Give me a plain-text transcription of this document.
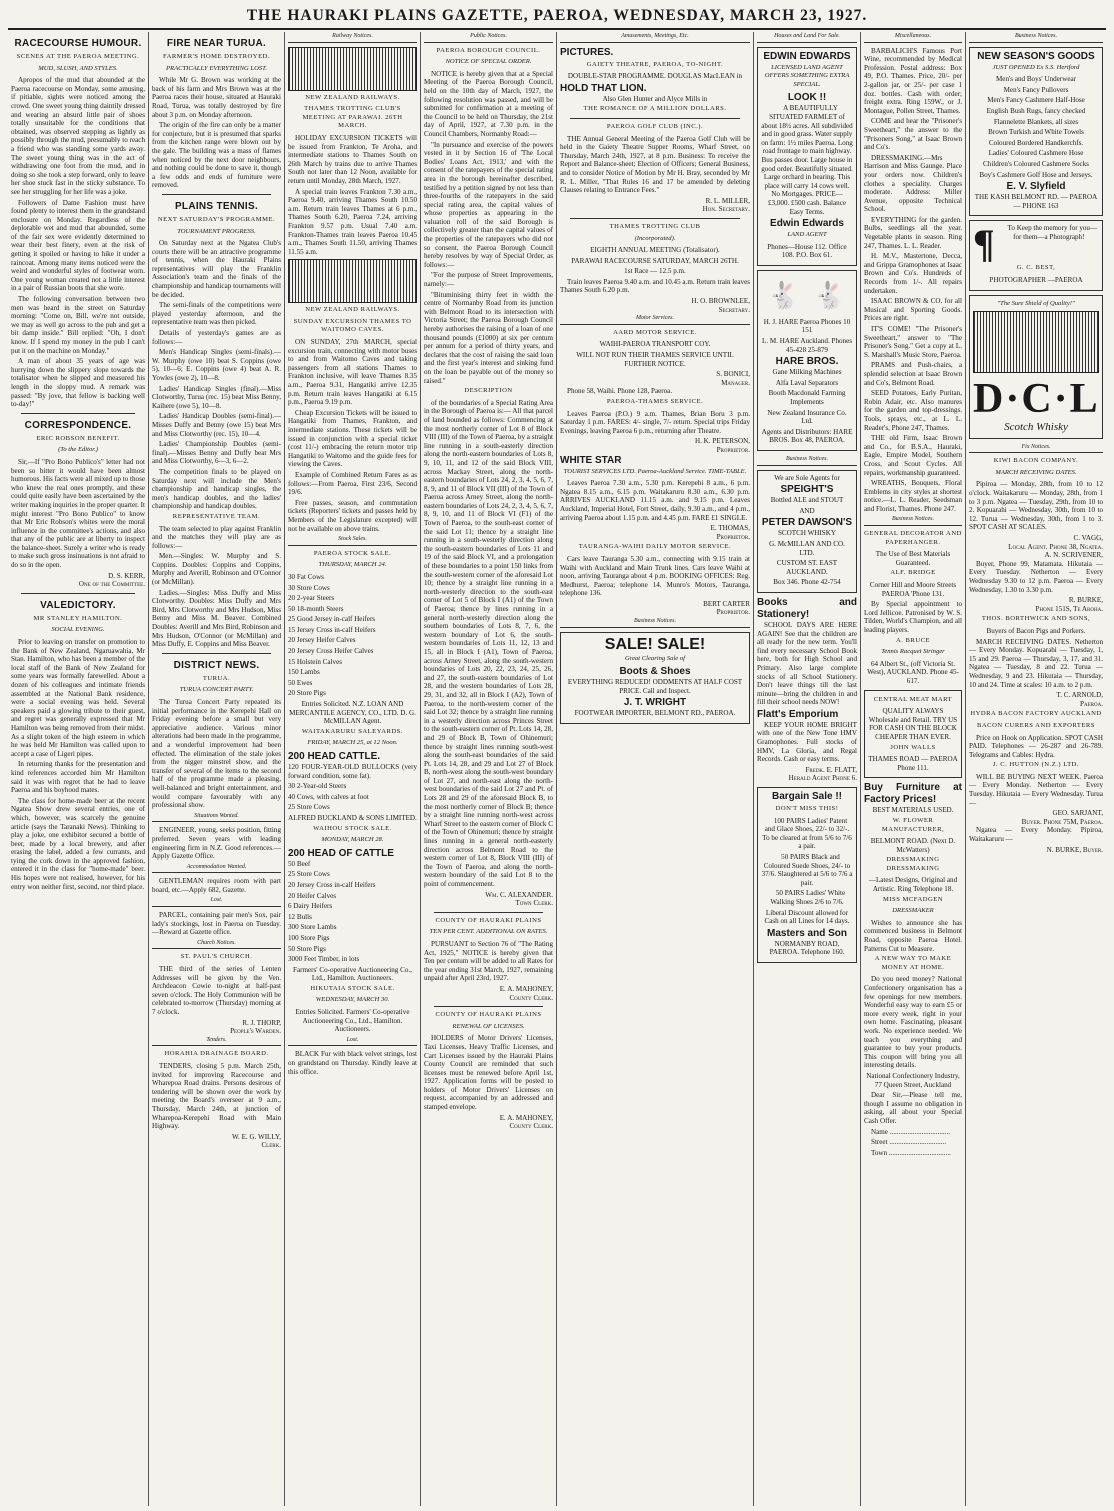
THE HAURAKI PLAINS GAZETTE, PAEROA, WEDNESDAY, MARCH 23, 1927.
RACECOURSE HUMOUR.
SCENES AT THE PAEROA MEETING.
MUD, SLUSH, AND STYLES.

Apropos of the mud that abounded at the Paeroa racecourse on Monday, some amusing, if pitiable, sights were noticed among the crowd. One sweet young thing daintily dressed and wearing an absurd little pair of shoes totally unsuitable for the conditions that obtained, was observed stepping as lightly as possibly through the mud, presumably to reach a friend who was standing some yards away. The sweet young thing was in the act of withdrawing one foot from the mud, and in doing so she took a step forward, only to leave her shoe stuck fast in the sticky substance. To see her struggling for her life was a joke.

Followers of Dame Fashion must have found plenty to interest them in the grandstand enclosure on Monday. Regardless of the deplorable wet and mud that abounded, some of the fair sex were evidently determined to wear their best finery, even at the risk of getting it spoiled or having to hike it under a raincoat. Among many items noticed were the weird and wonderful styles of footwear worn. One young woman created not a little interest in a pair of Russian boots that she wore.

The following conversation between two men was heard in the street on Saturday morning: "Come on, Bill, we're not outside, we may as well go across to the pub and get a bit damp inside." Bill replied: "Oh, I don't know. If I spend my money in the pub I can't put it on the machine on Monday."

A man of about 35 years of age was hurrying down the slippery slope towards the totalisator when he slipped and measured his length in the sloppy mud. A remark was passed: "By jove, that fellow is backing well to-day!"

CORRESPONDENCE.
ERIC ROBSON BENEFIT.
(To the Editor.)

Sir,—If "Pro Bono Publico's" letter had not been so bitter it would have been almost humorous. His facts were all mixed up to those who knew the real ones promptly, and these could quite easily have been ascertained by the writer making inquiries in the proper quarter. It might interest "Pro Bono Publico" to know that Mr Eric Robson's whites were the moral influence in the committee's actions, and also that any of the public are at liberty to inspect the balance-sheet. Surely a writer who is ready to make such gross insinuations is not afraid to do so in the open.

D. S. KERR,
One of the Committee.
VALEDICTORY.
MR STANLEY HAMILTON.
SOCIAL EVENING.

Prior to leaving on transfer on promotion to the Bank of New Zealand, Ngaruawahia, Mr Stan. Hamilton, who has been a member of the local staff of the Bank of New Zealand for some years was formally farewelled. About a dozen of his colleagues and intimate friends assembled at the National Bank residence, were a social evening was held. Several speakers paid a glowing tribute to their guest, and regret was generally expressed that Mr Hamilton was being removed from their midst. As a slight token of the high esteem in which he was held Mr Hamilton was called upon to accept a case of Ligeri pipes.

In returning thanks for the presentation and kind references accorded him Mr Hamilton said it was with regret that he had to leave Paeroa and his boyhood mates.

The class for home-made beer at the recent Ngatea Show drew several entries, one of which, however, was scarcely the genuine article (says the Taranaki News). Thinking to play a joke, one exhibitor secured a bottle of beer, made by a local brewery, and after erasing the label, added a few currants, and tying the cork down in the approved fashion, entered it in the class for "home-made" beer. His hopes were not realised, however, for his entry won neither first, second, nor third place.

FIRE NEAR TURUA.
FARMER'S HOME DESTROYED.
PRACTICALLY EVERYTHING LOST.

While Mr G. Brown was working at the back of his farm and Mrs Brown was at the Paeroa races their house, situated at Hauraki Road, Turua, was totally destroyed by fire about 3 p.m. on Monday afternoon.

The origin of the fire can only be a matter for conjecture, but it is presumed that sparks from the kitchen range were blown out by the gale. The building was a mass of flames when noticed by the next door neighbours, and nothing could be done to save it, though a few odds and ends of furniture were removed.

PLAINS TENNIS.
NEXT SATURDAY'S PROGRAMME.
TOURNAMENT PROGRESS.

On Saturday next at the Ngatea Club's courts there will be an attractive programme of tennis, when the Hauraki Plains representatives will play the Franklin Association's team and the finals of the championship and handicap tournaments will be decided.

The semi-finals of the competitions were played yesterday afternoon, and the representative team was then picked.

Details of yesterday's games are as follows:—

Men's Handicap Singles (semi-finals).—W. Murphy (owe 10) beat S. Coppins (owe 5), 10—6; E. Coppins (owe 4) beat A. R. Yowles (owe 2), 10—8.

Ladies' Handicap Singles (final).—Miss Clotworthy, Turua (rec. 15) beat Miss Benny, Kaihere (owe 5), 10—8.

Ladies' Handicap Doubles (semi-final).—Misses Duffy and Benny (owe 15) beat Mrs and Miss Clotworthy (rec. 15), 10—4.

Ladies' Championship Doubles (semi-final).—Misses Benny and Duffy beat Mrs and Miss Clotworthy, 6—3, 6—2.

The competition finals to be played on Saturday next will include the Men's championship and handicap singles, the men's handicap doubles, and the ladies' championship and handicap doubles.

REPRESENTATIVE TEAM.

The team selected to play against Franklin and the matches they will play are as follows:—

Men.—Singles: W. Murphy and S. Coppins. Doubles: Coppins and Coppins, Murphy and Averill, Robinson and O'Connor (or McMillan).

Ladies.—Singles: Miss Duffy and Miss Clotworthy. Doubles: Miss Duffy and Mrs Bird, Mrs Clotworthy and Mrs Hudson, Miss Benny and Miss M. Beaver. Combined Doubles: Averill and Mrs Bird, Robinson and Mrs Hudson, O'Connor (or McMillan) and Miss Duffy, E. Coppins and Miss Beaver.

DISTRICT NEWS.
TURUA.
TURUA CONCERT PARTY.

The Turua Concert Party repeated its initial performance in the Kerepehi Hall on Friday evening before a small but very appreciative audience. Various minor alterations had been made in the programme, and a wonderful improvement had been effected. The elimination of the stale jokes from the nigger minstrel show, and the transfer of several of the items to the second half of the programme made a pleasing, well-balanced and bright entertainment, and would compare favourably with any professional show.

Situations Wanted.

ENGINEER, young, seeks position, fitting preferred. Seven years with leading engineering firm in N.Z. Good references.—Apply Gazette Office.

Accommodation Wanted.

GENTLEMAN requires room with part board, etc.—Apply 682, Gazette.

Lost.

PARCEL, containing pair men's Sox, pair lady's stockings, lost in Paeroa on Tuesday.—Reward at Gazette office.

Church Notices.
ST. PAUL'S CHURCH.

THE third of the series of Lenten Addresses will be given by the Ven. Archdeacon Cowie to-night at half-past seven o'clock. The Holy Communion will be celebrated to-morrow (Thursday) morning at 7 o'clock.

R. J. THORP,
People's Warden.
Tenders.
HORAHIA DRAINAGE BOARD.

TENDERS, closing 5 p.m. March 25th, invited for improving Racecourse and Wharepoa Road drains. Persons desirous of tendering will be shown over the work by meeting the Board's overseer at 9 a.m., Thursday, March 24th, at junction of Wharepoa-Kerepehi Road with Main Highway.

W. E. G. WILLY,
Clerk.
Railway Notices.
NEW ZEALAND RAILWAYS.
THAMES TROTTING CLUB'S MEETING AT PARAWAI. 26TH MARCH.

HOLIDAY EXCURSION TICKETS will be issued from Frankton, Te Aroha, and intermediate stations to Thames South on 26th March by trains due to arrive Thames South not later than 12 Noon, available for return until Monday, 28th March, 1927.

A special train leaves Frankton 7.30 a.m., Paeroa 9.40, arriving Thames South 10.50 a.m. Return train leaves Thames at 6 p.m., Thames South 6.20, Paeroa 7.24, arriving Frankton 9.57 p.m. Usual 7.40 a.m. Frankton-Thames train leaves Paeroa 10.45 a.m., Thames South 11.50, arriving Thames 11.55 a.m.

NEW ZEALAND RAILWAYS.
SUNDAY EXCURSION THAMES TO WAITOMO CAVES.

ON SUNDAY, 27th MARCH, special excursion train, connecting with motor buses to and from Waitomo Caves and taking passengers from all stations Thames to Frankton inclusive, will leave Thames 8.35 a.m., Paeroa 9.31, Hangatiki arrive 12.35 p.m. Return train leaves Hangatiki at 6.15 p.m., Paeroa 9.19 p.m.

Cheap Excursion Tickets will be issued to Hangatiki from Thames, Frankton, and intermediate stations. These tickets will be issued in conjunction with a special ticket (cost 11/-) embracing the return motor trip Hangatiki to Waitomo and the guide fees for viewing the Caves.

Example of Combined Return Fares as as follows:—From Paeroa, First 23/6, Second 19/6.

Free passes, season, and commutation tickets (Reporters' tickets and passes held by Members of the Legislature excepted) will not be available on above trains.

Stock Sales.
PAEROA STOCK SALE.
THURSDAY, MARCH 24.

30 Fat Cows

30 Store Cows

20 2-year Steers

50 18-month Steers

25 Good Jersey in-calf Heifers

15 Jersey Cross in-calf Heifers

20 Jersey Heifer Calves

20 Jersey Cross Heifer Calves

15 Holstein Calves

150 Lambs

50 Ewes

20 Store Pigs

Entries Solicited. N.Z. LOAN AND MERCANTILE AGENCY, CO., LTD. D. G. McMILLAN Agent.

WAITAKARURU SALEYARDS.
FRIDAY, MARCH 25, at 12 Noon.
200 HEAD CATTLE.

120 FOUR-YEAR-OLD BULLOCKS (very forward condition, some fat).

30 2-Year-old Steers

40 Cows, with calves at foot

25 Store Cows

ALFRED BUCKLAND & SONS LIMITED.

WAIHOU STOCK SALE.
MONDAY, MARCH 28.
200 HEAD OF CATTLE

50 Beef

25 Store Cows

20 Jersey Cross in-calf Heifers

20 Heifer Calves

6 Dairy Heifers

12 Bulls

300 Store Lambs

100 Store Pigs

50 Store Pigs

3000 Feet Timber, in lots

Farmers' Co-operative Auctioneering Co., Ltd., Hamilton. Auctioneers.

HIKUTAIA STOCK SALE.
WEDNESDAY, MARCH 30.

Entries Solicited. Farmers' Co-operative Auctioneering Co., Ltd., Hamilton. Auctioneers.

Lost.

BLACK Fur with black velvet strings, lost on grandstand on Thursday. Kindly leave at this office.

Public Notices.
PAEROA BOROUGH COUNCIL.
NOTICE OF SPECIAL ORDER.

NOTICE is hereby given that at a Special Meeting of the Paeroa Borough Council, held on the 10th day of March, 1927, the following resolution was passed, and will be submitted for confirmation at a meeting of the Council to be held on Thursday, the 21st day of April, 1927, at 7.30 p.m. in the Council Chambers, Normanby Road:—

"In pursuance and exercise of the powers vested in it by Section 16 of 'The Local Bodies' Loans Act, 1913,' and with the consent of the ratepayers of the special rating area in the borough hereinafter described, testified by a petition signed by not less than three-fourths of the ratepayers in the said special rating area, the capital values of whose properties as appearing in the valuation roll of the said Borough is collectively greater than the capital values of the properties of the ratepayers who did not so consent, the Paeroa Borough Council hereby resolves by way of Special Order, as follows:—

"For the purpose of Street Improvements, namely:—

"Bituminising thirty feet in width the centre of Normanby Road from its junction with Belmont Road to its intersection with Victoria Street; the Paeroa Borough Council hereby authorises the raising of a loan of one thousand pounds (£1000) at six per centum per annum for a period of thirty years, and declares that the cost of raising the said loan and the first year's interest and sinking fund on the loan be payable out of the money so raised."

DESCRIPTION

of the boundaries of a Special Rating Area in the Borough of Paeroa is:— All that parcel of land bounded as follows: Commencing at the most northerly corner of Lot 8 of Block VIII (III) of the Town of Paeroa, by a straight line running in a south-easterly direction along the north-eastern boundaries of Lots 8, 9, 10, 11, and 12 of the said Block VIII, across Mackay Street, along the north-eastern boundaries of Lots 24, 2, 3, 4, 5, 6, 7, 8, 9, and 11 of Block VII (III) of the Town of Paeroa across Arney Street, along the north-eastern boundaries of Lots 24, 2, 3, 4, 5, 6, 7, 8, 9, 10, and 11 of Block VI (F1) of the Town of Paeroa, to the south-east corner of the said Lot 11; thence by a straight line running in a south-westerly direction along the south-eastern boundaries of Lots 11 and 19 of the said Block VI, and a prolongation of these boundaries to a point 150 links from the south-western corner of the aforesaid Lot 10; thence by a straight line running in a north-westerly direction to the south-east corner of Lot 5 of Block I (A1) of the Town of Paeroa; thence by lines running in a general north-westerly direction along the southern boundaries of Lots 8, 7, 6, the western boundary of Lot 6, the south-western boundaries of Lots 11, 12, 13 and 15, all in Block I (A1), Town of Paeroa, across Arney Street, along the south-western boundaries of Lots 20, 22, 23, 24, 25, 26, and 27, the south-eastern boundaries of Lot 28, and the western boundaries of Lots 28, 29, 31, and 32, all in Block I (A2), Town of Paeroa, to the north-western corner of the said Lot 32; thence by a straight line running in a westerly direction across Princes Street to the south-eastern corner of Pt. Lots 14, 28, and 29 of Block B, Town of Ohinemuri; thence by straight lines running south-west along the south-east boundaries of the said Pt. Lots 14, 28, and 29 and Lot 27 of Block B, north-west along the south-west boundary of Lot 27, and north-east along the north-west boundaries of the said Lot 27 and Pt. of Lots 28 and 29 of the aforesaid Block B, to the most northerly corner of Block B; thence by a straight line running north-west across Wharf Street to the eastern corner of Block C of the Town of Ohinemuri; thence by straight lines running in a general north-easterly direction across Belmont Road to the western corner of Lot 8, Block VIII (III) of the Town of Paeroa, and along the north-western boundary of the said Lot 8 to the point of commencement.

Wm. C. ALEXANDER.
Town Clerk.
COUNTY OF HAURAKI PLAINS
TEN PER CENT. ADDITIONAL ON RATES.

PURSUANT to Section 76 of "The Rating Act, 1925," NOTICE is hereby given that Ten per centum will be added to all Rates for the year ending 31st March, 1927, remaining unpaid after April 23rd, 1927.

E. A. MAHONEY,
County Clerk.
COUNTY OF HAURAKI PLAINS
RENEWAL OF LICENSES.

HOLDERS of Motor Drivers' Licenses, Taxi Licenses, Heavy Traffic Licenses, and Cart Licenses issued by the Hauraki Plains County Council are reminded that such licenses must be renewed before April 1st, 1927. Application forms will be posted to holders of Motor Drivers' Licenses on request, accompanied by an addressed and stamped envelope.

E. A. MAHONEY,
County Clerk.
Amusements, Meetings, Etc.
PICTURES.
GAIETY THEATRE, PAEROA, TO-NIGHT.

DOUBLE-STAR PROGRAMME. DOUGLAS MacLEAN in

HOLD THAT LION.

Also Glen Hunter and Alyce Mills in

THE ROMANCE OF A MILLION DOLLARS.
PAEROA GOLF CLUB (INC.).

THE Annual General Meeting of the Paeroa Golf Club will be held in the Gaiety Theatre Supper Rooms, Wharf Street, on Thursday, March 24th, 1927, at 8 p.m. Business: To receive the Report and Balance-sheet; Election of Officers; General Business, and to consider Notice of Motion by Mr H. Bray, seconded by Mr R. L. Miller, "That Rules 16 and 17 be amended by deleting Clauses relating to Entrance Fees."

R. L. MILLER,
Hon. Secretary.
THAMES TROTTING CLUB
(Incorporated).

EIGHTH ANNUAL MEETING (Totalisator).

PARAWAI RACECOURSE SATURDAY, MARCH 26TH.

1st Race — 12.5 p.m.

Train leaves Paeroa 9.40 a.m. and 10.45 a.m. Return train leaves Thames South 6.20 p.m.

H. O. BROWNLEE,
Secretary.
Motor Services.
AARD MOTOR SERVICE.

WAIHI-PAEROA TRANSPORT COY.

WILL NOT RUN THEIR THAMES SERVICE UNTIL FURTHER NOTICE.

S. BONICI,
Manager.

Phone 58, Waihi. Phone 128, Paeroa.

PAEROA-THAMES SERVICE.

Leaves Paeroa (P.O.) 9 a.m. Thames, Brian Boru 3 p.m. Saturday 1 p.m. FARES: 4/- single, 7/- return. Special trips Friday Evenings, leaving Paeroa 6 p.m., returning after Theatre.

H. K. PETERSON,
Proprietor.
WHITE STAR
TOURIST SERVICES LTD. Paeroa-Auckland Service. TIME-TABLE.

Leaves Paeroa 7.30 a.m., 5.30 p.m. Kerepehi 8 a.m., 6 p.m. Ngatea 8.15 a.m., 6.15 p.m. Waitakaruru 8.30 a.m., 6.30 p.m. ARRIVES AUCKLAND 11.15 a.m. and 9.15 p.m. Leaves Auckland, Imperial Hotel, Fort Street, daily, 9.30 a.m., and 4 p.m., arriving Paeroa about 1.15 p.m. and 4.45 p.m. FARE £1 SINGLE.

E. THOMAS,
Proprietor.
TAURANGA-WAIHI DAILY MOTOR SERVICE.

Cars leave Tauranga 5.30 a.m., connecting with 9.15 train at Waihi with Auckland and Main Trunk lines. Cars leave Waihi at noon, arriving Tauranga about 4 p.m. BOOKING OFFICES: Reg. Medhurst, Paeroa; telephone 14. Munro's Motors, Tauranga, telephone 136.

BERT CARTER
Proprietor.
Business Notices.
SALE! SALE!
Great Clearing Sale of
Boots & Shoes

EVERYTHING REDUCED! ODDMENTS AT HALF COST PRICE. Call and Inspect.

J. T. WRIGHT

FOOTWEAR IMPORTER, BELMONT RD., PAEROA.

Houses and Land For Sale.
EDWIN EDWARDS
LICENSED LAND AGENT OFFERS SOMETHING EXTRA SPECIAL.
LOOK !!

A BEAUTIFULLY SITUATED FARMLET of about 18½ acres. All subdivided and in good grass. Water supply on farm: 1½ miles Paeroa. Long road frontage to main highway. Bus passes door. Large house in good order. Beautifully situated. Large orchard in bearing. This place will carry 14 cows well. No Mortgages. PRICE—£3,000. £500 cash. Balance Easy Terms.

Edwin Edwards
LAND AGENT

Phones—House 112. Office 108. P.O. Box 61.

🐇 🐇

H. J. HARE Paeroa Phones 10 151

L. M. HARE Auckland. Phones 45-428 25-879

HARE BROS.

Gane Milking Machines

Alfa Laval Separators

Booth Macdonald Farming Implements

New Zealand Insurance Co. Ltd.

Agents and Distributors: HARE BROS. Box 48, PAEROA.

Business Notices.

We are Sole Agents for

SPEIGHT'S

Bottled ALE and STOUT

AND

PETER DAWSON'S

SCOTCH WHISKY

G. McMILLAN AND CO. LTD.

CUSTOM ST. EAST AUCKLAND.

Box 346. Phone 42-754

Books and Stationery!

SCHOOL DAYS ARE HERE AGAIN! See that the children are all ready for the new term. You'll find every necessary School Book here, both for High School and Primary. Also large complete stocks of all School Stationery. Don't leave things till the last minute—bring the children in and fill their school needs NOW!

Flatt's Emporium

KEEP YOUR HOME BRIGHT with one of the New Tone HMV Gramophones. Full stocks of HMV, La Gloria, and Regal Records. Cash or easy terms.

Fredk. E. FLATT,
Herald Agent Phone 6.
Bargain Sale !!
DON'T MISS THIS!

100 PAIRS Ladies' Patent and Glace Shoes, 22/- to 32/-. To be cleared at from 5/6 to 7/6 a pair.

50 PAIRS Black and Coloured Suede Shoes, 24/- to 37/6. Slaughtered at 5/6 to 7/6 a pair.

50 PAIRS Ladies' White Walking Shoes 2/6 to 7/6.

Liberal Discount allowed for Cash on all Lines for 14 days.

Masters and Son

NORMANBY ROAD, PAEROA. Telephone 160.

Miscellaneous.

BARBALICH'S Famous Port Wine, recommended by Medical Profession. Postal address: Box 49, P.O. Thames. Price, 20/- per 2-gallon jar, or 25/- per case 1 doz. bottles. Cash with order; freight extra. Ring 159W., or J. Montague, Pollen Street, Thames.

COME and hear the "Prisoner's Sweetheart," the answer to the "Prisoners Song," at Isaac Brown and Co's.

DRESSMAKING.—Mrs Harrison and Miss Gaunge. Place your orders now. Children's clothes a speciality. Charges moderate. Address: Miller Avenue, opposite Technical School.

EVERYTHING for the garden. Bulbs, seedlings all the year. Vegetable plants in season. Ring 247, Thames. L. L. Reader.

H. M.V., Mastertone, Decca, and Grippa Gramophones at Isaac Brown and Co's. Hundreds of Records from 1/-. All repairs undertaken.

ISAAC BROWN & CO. for all Musical and Sporting Goods. Prices are right.

IT'S COME! "The Prisoner's Sweetheart," answer to "The Prisoner's Song." Get a copy at L. S. Marshall's Music Store, Paeroa.

PRAMS and Push-chairs, a splendid selection at Isaac Brown and Co's, Belmont Road.

SEED Potatoes, Early Puritan, Robin Adair, etc. Also manures for the garden and top-dressings. Tools, sprays, etc., at L. L. Reader's, Phone 247, Thames.

THE old Firm, Isaac Brown and Co., for B.S.A., Hauraki, Eagle, Empire Model, Southern Cross, and Scout Cycles. All repairs, workmanship guaranteed.

WREATHS, Bouquets, Floral Emblems in city styles at shortest notice.—L. L. Reader, Seedsman and Florist, Thames. Phone 247.

Business Notices.
GENERAL DECORATOR AND PAPERHANGER.

The Use of Best Materials Guaranteed.

ALF. BRIDGE

Corner Hill and Moore Streets PAEROA 'Phone 131.

By Special appointment to Lord Jellicoe. Patronised by W. S. Tilden, World's Champion, and all leading players.

A. BRUCE
Tennis Racquet Stringer

64 Albert St., (off Victoria St. West), AUCKLAND. Phone 45-617.

CENTRAL MEAT MART

QUALITY ALWAYS Wholesale and Retail. TRY US FOR CASH ON THE BLOCK CHEAPER THAN EVER.

JOHN WALLS

THAMES ROAD — PAEROA Phone 111.

Buy Furniture at Factory Prices!

BEST MATERIALS USED.

W. FLOWER MANUFACTURER,

BELMONT ROAD. (Next D. McWatters)

DRESSMAKING DRESSMAKING

—Latest Designs, Original and Artistic. Ring Telephone 18.

MISS MCFADGEN
DRESSMAKER

Wishes to announce she has commenced business in Belmont Road, opposite Paeroa Hotel. Patterns Cut to Measure.

A NEW WAY TO MAKE MONEY AT HOME.

Do you need money? National Confectionery organisation has a few openings for new members. Wonderful easy way to earn £5 or more every week, right in your own home. Fascinating, pleasant work. No experience needed. We teach you everything and guarantee to buy your products. This coupon will bring you all interesting details.

National Confectionery Industry, 77 Queen Street, Auckland

Dear Sir,—Please tell me, though I assume no obligation in asking, all about your Special Cash Offer.

Name ..................................

Street ................................

Town ...................................

Business Notices.
NEW SEASON'S GOODS
JUST OPENED Ex S.S. Hertford

Men's and Boys' Underwear

Men's Fancy Pullovers

Men's Fancy Cashmere Half-Hose

English Bush Rugs, fancy checked

Flannelette Blankets, all sizes

Brown Turkish and White Towels

Coloured Bordered Handkerchfs.

Ladies' Coloured Cashmere Hose

Children's Coloured Cashmere Socks

Boy's Cashmere Golf Hose and Jerseys.

E. V. Slyfield

THE KASH BELMONT RD. — PAEROA — PHONE 163

¶	To Keep the memory for you—for them—a Photograph!

G. C. BEST,

PHOTOGRAPHER —PAEROA

"The Sure Shield of Quality!"
D·C·L
Scotch Whisky
Fix Notices.
KIWI BACON COMPANY.
MARCH RECEIVING DATES.

Pipiroa — Monday, 28th, from 10 to 12 o'clock. Waitakaruru — Monday, 28th, from 1 to 3 p.m. Ngatea — Tuesday, 29th, from 10 to 2. Kopuarahi — Wednesday, 30th, from 10 to 12. Turua — Wednesday, 30th, from 1 to 3. SPOT CASH AT SCALES.

C. VAGG,
Local Agent. Phone 38, Ngatea.
A. N. SCRIVENER,

Buyer, Phone 99, Matamata. Hikutaia — Every Tuesday. Netherton — Every Wednesday 9.30 to 12 p.m. Paeroa — Every Wednesday, 1.30 to 3.30 p.m.

R. BURKE,
Phone 151S, Te Aroha.
THOS. BORTHWICK AND SONS,

Buyers of Bacon Pigs and Porkers.

MARCH RECEIVING DATES. Netherton — Every Monday. Kopuarahi — Tuesday, 1, 15 and 29. Paeroa — Thursday, 3, 17, and 31. Ngatea — Tuesday, 8 and 22. Turua — Wednesday, 9 and 23. Hikutaia — Thursday, 10 and 24. Time at scales: 10 a.m. to 2 p.m.

T. C. ARNOLD,
Paeroa.
HYDRA BACON FACTORY AUCKLAND
BACON CURERS AND EXPORTERS

Price on Hook on Application. SPOT CASH PAID. Telephones — 26-287 and 26-789. Telegrams and Cables: Hydra.

J. C. HUTTON (N.Z.) LTD.

WILL BE BUYING NEXT WEEK. Paeroa — Every Monday. Netherton — Every Tuesday. Hikutaia — Every Wednesday. Turua —

GEO. SARJANT,
Buyer. Phone 75M, Paeroa.

Ngatea — Every Monday. Pipiroa, Waitakaruru —

N. BURKE, Buyer.
